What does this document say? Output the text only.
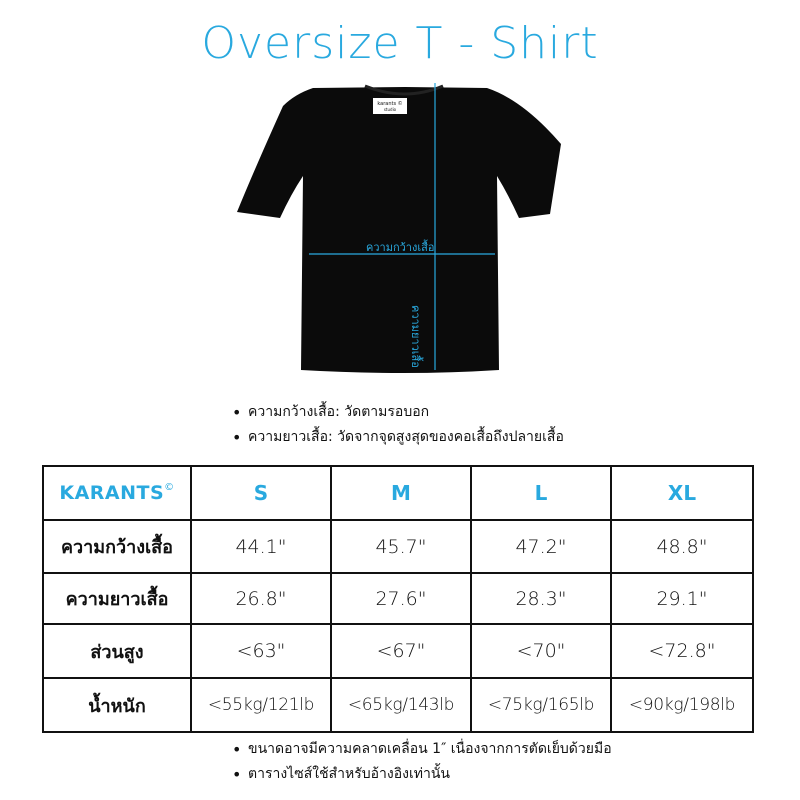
Oversize T - Shirt
karants ©
studio
ความกว้างเสื้อ
ความยาวเสื้อ
• ความกว้างเสื้อ: วัดตามรอบอก
• ความยาวเสื้อ: วัดจากจุดสูงสุดของคอเสื้อถึงปลายเสื้อ
KARANTS©	S	M	L	XL
ความกว้างเสื้อ	44.1"	45.7"	47.2"	48.8"
ความยาวเสื้อ	26.8"	27.6"	28.3"	29.1"
ส่วนสูง	<63"	<67"	<70"	<72.8"
น้ำหนัก	<55kg/121lb	<65kg/143lb	<75kg/165lb	<90kg/198lb
• ขนาดอาจมีความคลาดเคลื่อน 1″ เนื่องจากการตัดเย็บด้วยมือ
• ตารางไซส์ใช้สำหรับอ้างอิงเท่านั้น
